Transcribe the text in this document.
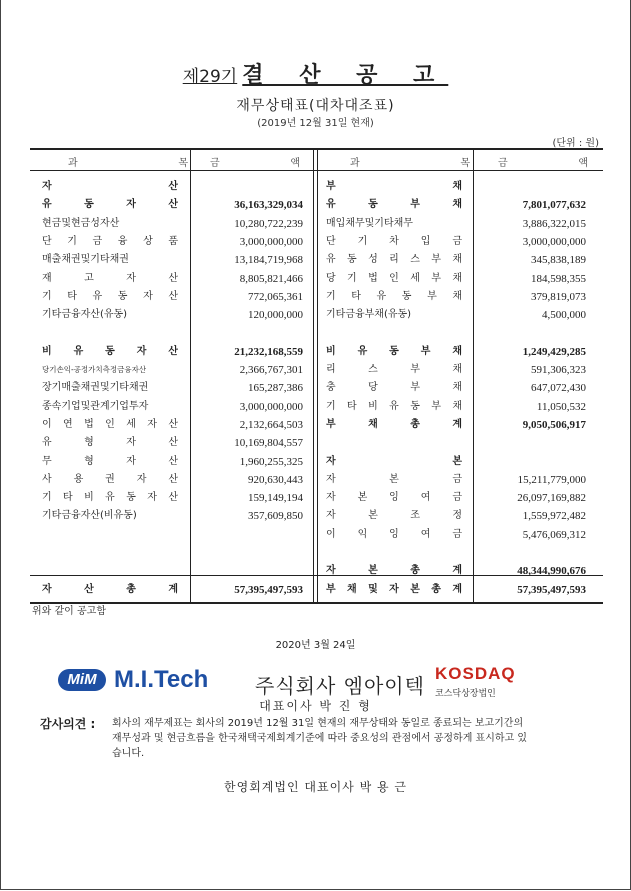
제29기 결 산 공 고
재무상태표(대차대조표)
(2019년 12월 31일 현재)
(단위 : 원)
과 목 금 액	과 목	금 액
자 산
유 동 자 산	36,163,329,034
현금및현금성자산	10,280,722,239
단 기 금 융 상 품	3,000,000,000
매출채권및기타채권	13,184,719,968
재 고 자 산	8,805,821,466
기 타 유 동 자 산	772,065,361
기타금융자산(유동)	120,000,000
비 유 동 자 산	21,232,168,559
당기손익-공정가치측정금융자산	2,366,767,301
장기매출채권및기타채권	165,287,386
종속기업및관계기업투자	3,000,000,000
이 연 법 인 세 자 산	2,132,664,503
유 형 자 산	10,169,804,557
무 형 자 산	1,960,255,325
사 용 권 자 산	920,630,443
기 타 비 유 동 자 산	159,149,194
기타금융자산(비유동)	357,609,850
부 채
유 동 부 채	7,801,077,632
매입채무및기타채무	3,886,322,015
단 기 차 입 금	3,000,000,000
유 동 성 리 스 부 채	345,838,189
당 기 법 인 세 부 채	184,598,355
기 타 유 동 부 채	379,819,073
기타금융부채(유동)	4,500,000
비 유 동 부 채	1,249,429,285
리 스 부 채	591,306,323
충 당 부 채	647,072,430
기 타 비 유 동 부 채	11,050,532
부 채 총 계	9,050,506,917
자 본
자 본 금	15,211,779,000
자 본 잉 여 금	26,097,169,882
자 본 조 정	1,559,972,482
이 익 잉 여 금	5,476,069,312
자 본 총 계	48,344,990,676
자 산 총 계	57,395,497,593 부 채 및 자 본 총 계	57,395,497,593
위와 같이 공고함
2020년 3월 24일
MiM M.I.Tech 주식회사 엠아이텍
KOSDAQ
코스닥상장법인
대표이사 박 진 형
감사의견 : 회사의 재무제표는 회사의 2019년 12월 31일 현재의 재무상태와 동일로 종료되는 보고기간의 재무성과 및 현금흐름을 한국채택국제회계기준에 따라 중요성의 관점에서 공정하게 표시하고 있습니다.
한영회계법인 대표이사 박 용 근
